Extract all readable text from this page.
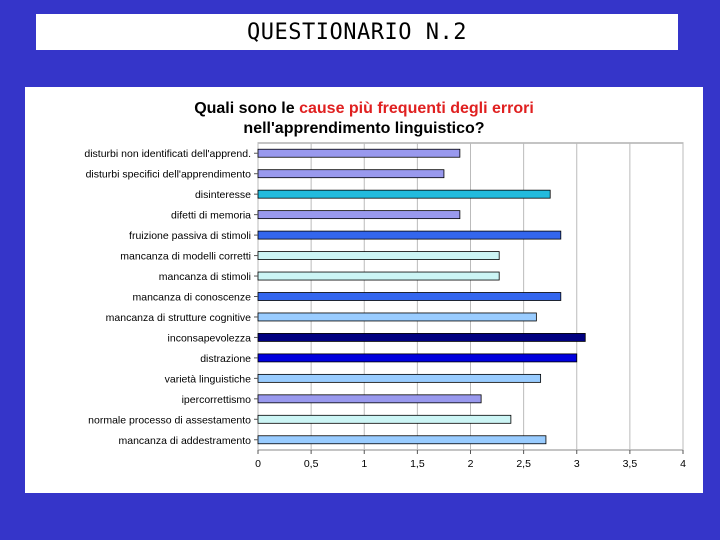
QUESTIONARIO N.2
Quali sono le cause più frequenti degli errori
nell'apprendimento linguistico?
0	0,5	1	1,5	2	2,5	3	3,5	4
disturbi non identificati dell'apprend.
disturbi specifici dell'apprendimento
disinteresse
difetti di memoria
fruizione passiva di stimoli
mancanza di modelli corretti
mancanza di stimoli
mancanza di conoscenze
mancanza di strutture cognitive
inconsapevolezza
distrazione
varietà linguistiche
ipercorrettismo
normale processo di assestamento
mancanza di addestramento
